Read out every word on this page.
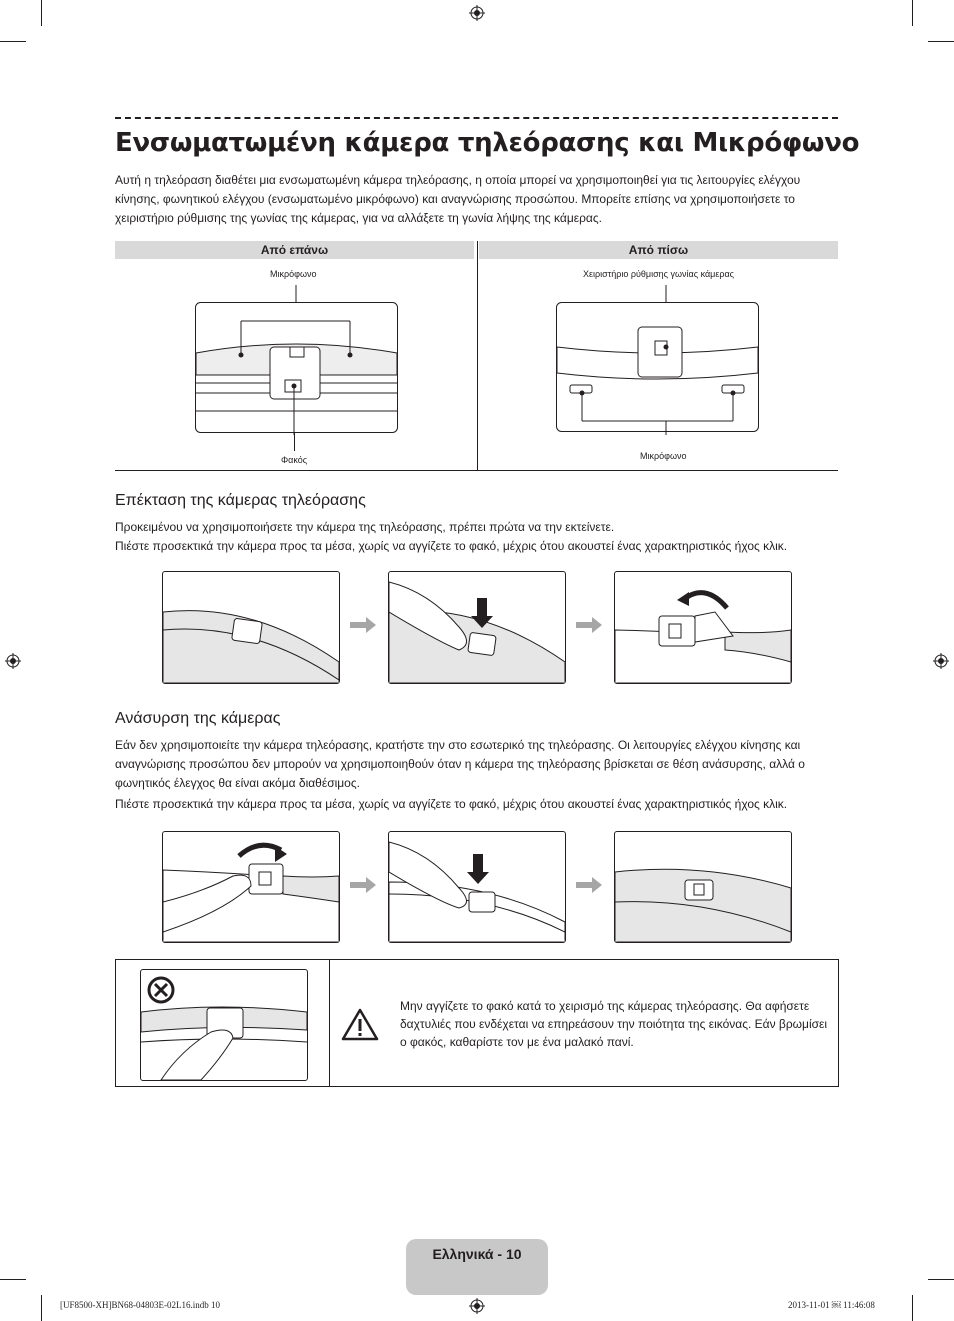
Ενσωματωμένη κάμερα τηλεόρασης και Μικρόφωνο

Αυτή η τηλεόραση διαθέτει μια ενσωματωμένη κάμερα τηλεόρασης, η οποία μπορεί να χρησιμοποιηθεί για τις λειτουργίες ελέγχου κίνησης, φωνητικού ελέγχου (ενσωματωμένο μικρόφωνο) και αναγνώρισης προσώπου. Μπορείτε επίσης να χρησιμοποιήσετε το χειριστήριο ρύθμισης της γωνίας της κάμερας, για να αλλάξετε τη γωνία λήψης της κάμερας.

Από επάνω	Από πίσω
Μικρόφωνο
Φακός
Χειριστήριο ρύθμισης γωνίας κάμερας
Μικρόφωνο
Επέκταση της κάμερας τηλεόρασης

Προκειμένου να χρησιμοποιήσετε την κάμερα της τηλεόρασης, πρέπει πρώτα να την εκτείνετε.

Πιέστε προσεκτικά την κάμερα προς τα μέσα, χωρίς να αγγίζετε το φακό, μέχρις ότου ακουστεί ένας χαρακτηριστικός ήχος κλικ.

Ανάσυρση της κάμερας

Εάν δεν χρησιμοποιείτε την κάμερα τηλεόρασης, κρατήστε την στο εσωτερικό της τηλεόρασης. Οι λειτουργίες ελέγχου κίνησης και αναγνώρισης προσώπου δεν μπορούν να χρησιμοποιηθούν όταν η κάμερα της τηλεόρασης βρίσκεται σε θέση ανάσυρσης, αλλά ο φωνητικός έλεγχος θα είναι ακόμα διαθέσιμος.

Πιέστε προσεκτικά την κάμερα προς τα μέσα, χωρίς να αγγίζετε το φακό, μέχρις ότου ακουστεί ένας χαρακτηριστικός ήχος κλικ.

Μην αγγίζετε το φακό κατά το χειρισμό της κάμερας τηλεόρασης. Θα αφήσετε δαχτυλιές που ενδέχεται να επηρεάσουν την ποιότητα της εικόνας. Εάν βρωμίσει ο φακός, καθαρίστε τον με ένα μαλακό πανί.

Ελληνικά - 10
[UF8500-XH]BN68-04803E-02L16.indb 10	2013-11-01 ￼ 11:46:08
